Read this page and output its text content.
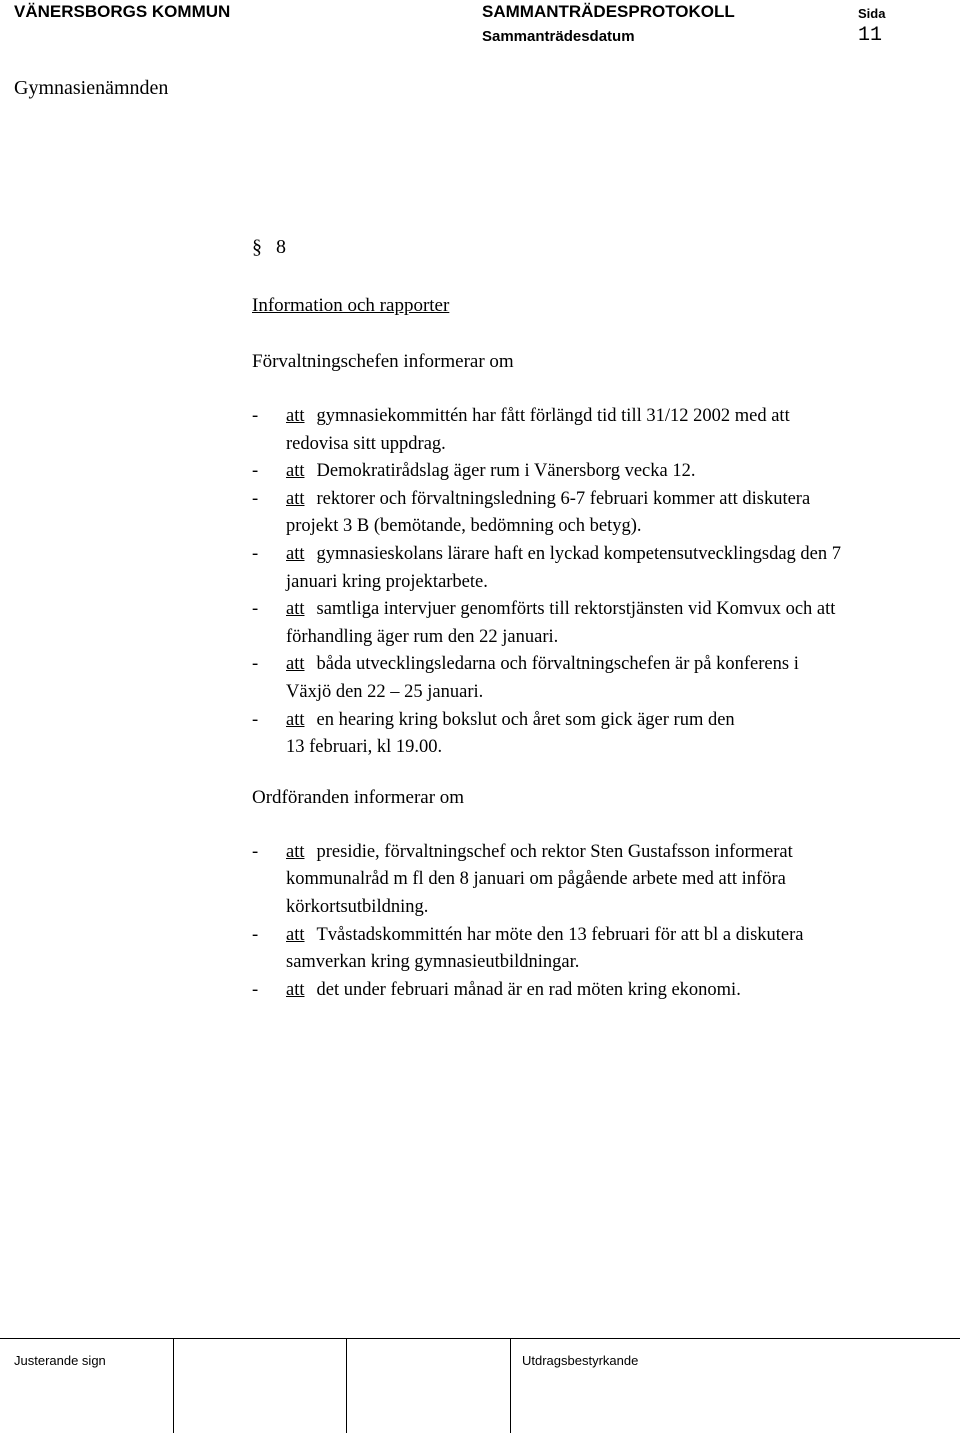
VÄNERSBORGS KOMMUN	SAMMANTRÄDESPROTOKOLL	Sida
Sammanträdesdatum	11
Gymnasienämnden
§ 8
Information och rapporter
Förvaltningschefen informerar om
- att gymnasiekommittén har fått förlängd tid till 31/12 2002 med att
redovisa sitt uppdrag.
- att Demokratirådslag äger rum i Vänersborg vecka 12.
- att rektorer och förvaltningsledning 6-7 februari kommer att diskutera
projekt 3 B (bemötande, bedömning och betyg).
- att gymnasieskolans lärare haft en lyckad kompetensutvecklingsdag den 7
januari kring projektarbete.
- att samtliga intervjuer genomförts till rektorstjänsten vid Komvux och att
förhandling äger rum den 22 januari.
- att båda utvecklingsledarna och förvaltningschefen är på konferens i
Växjö den 22 – 25 januari.
- att en hearing kring bokslut och året som gick äger rum den
13 februari, kl 19.00.
Ordföranden informerar om
- att presidie, förvaltningschef och rektor Sten Gustafsson informerat
kommunalråd m fl den 8 januari om pågående arbete med att införa
körkortsutbildning.
- att Tvåstadskommittén har möte den 13 februari för att bl a diskutera
samverkan kring gymnasieutbildningar.
- att det under februari månad är en rad möten kring ekonomi.
Justerande sign	Utdragsbestyrkande
